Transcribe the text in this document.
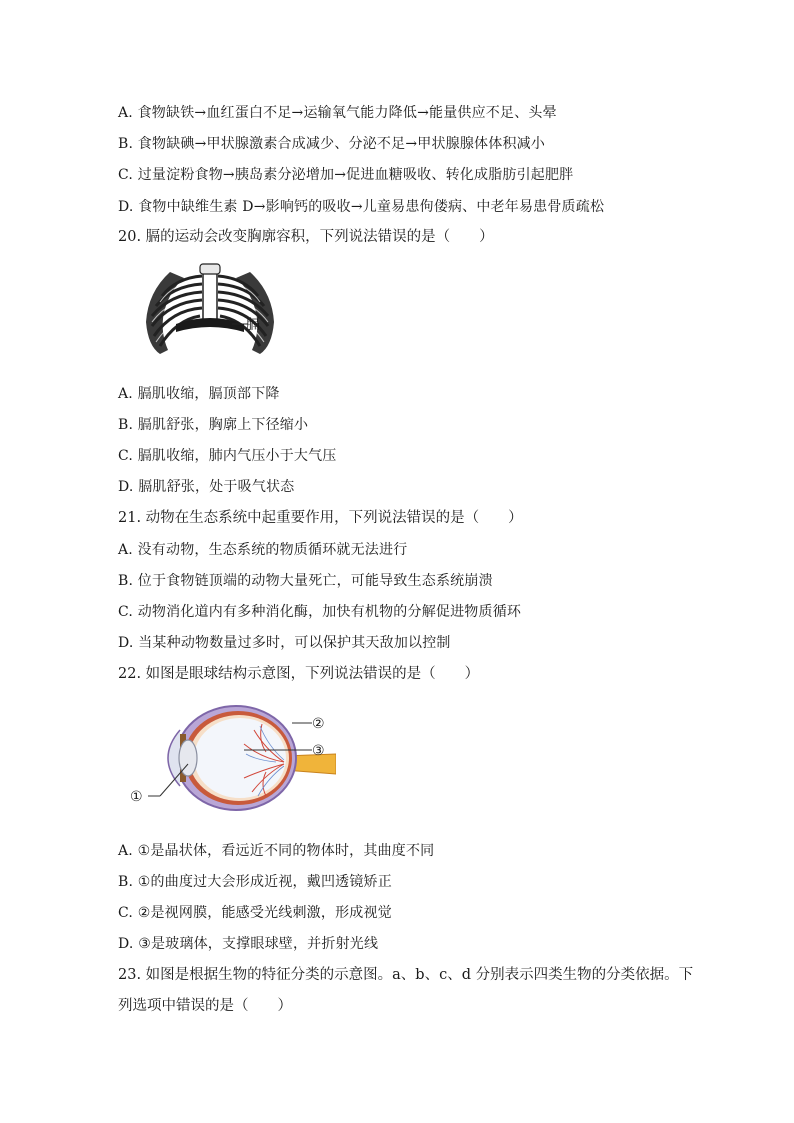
A. 食物缺铁→血红蛋白不足→运输氧气能力降低→能量供应不足、头晕
B. 食物缺碘→甲状腺激素合成减少、分泌不足→甲状腺腺体体积减小
C. 过量淀粉食物→胰岛素分泌增加→促进血糖吸收、转化成脂肪引起肥胖
D. 食物中缺维生素 D→影响钙的吸收→儿童易患佝偻病、中老年易患骨质疏松
20. 膈的运动会改变胸廓容积，下列说法错误的是（　　）
膈
A. 膈肌收缩，膈顶部下降
B. 膈肌舒张，胸廓上下径缩小
C. 膈肌收缩，肺内气压小于大气压
D. 膈肌舒张，处于吸气状态
21. 动物在生态系统中起重要作用，下列说法错误的是（　　）
A. 没有动物，生态系统的物质循环就无法进行
B. 位于食物链顶端的动物大量死亡，可能导致生态系统崩溃
C. 动物消化道内有多种消化酶，加快有机物的分解促进物质循环
D. 当某种动物数量过多时，可以保护其天敌加以控制
22. 如图是眼球结构示意图，下列说法错误的是（　　）
②
③
①
A. ①是晶状体，看远近不同的物体时，其曲度不同
B. ①的曲度过大会形成近视，戴凹透镜矫正
C. ②是视网膜，能感受光线刺激，形成视觉
D. ③是玻璃体，支撑眼球壁，并折射光线
23. 如图是根据生物的特征分类的示意图。a、b、c、d 分别表示四类生物的分类依据。下
列选项中错误的是（　　）
